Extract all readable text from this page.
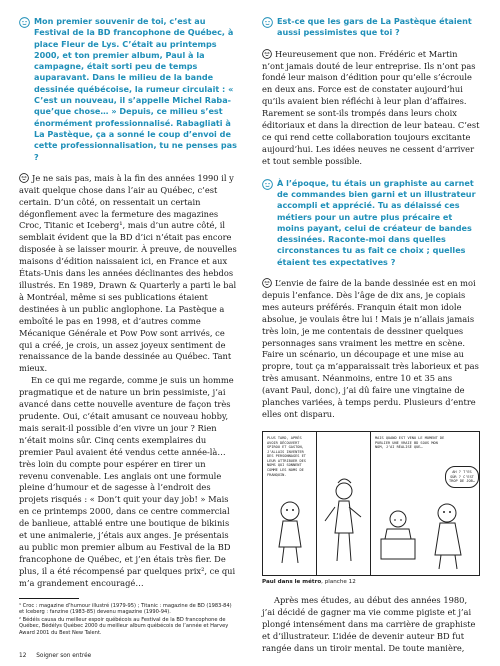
Mon premier souvenir de toi, c’est au Festival de la BD francophone de Québec, à place Fleur de Lys. C’était au printemps 2000, et ton premier album, Paul à la campagne, était sorti peu de temps auparavant. Dans le milieu de la bande dessinée québécoise, la rumeur circulait : « C’est un nouveau, il s’appelle Michel Raba-que’que chose… » Depuis, ce milieu s’est énormément professionnalisé. Rabagliati à La Pastèque, ça a sonné le coup d’envoi de cette professionnalisation, tu ne penses pas ?

Je ne sais pas, mais à la fin des années 1990 il y avait quelque chose dans l’air au Québec, c’est certain. D’un côté, on ressentait un certain dégonflement avec la fermeture des magazines Croc, Titanic et Iceberg¹, mais d’un autre côté, il semblait évident que la BD d’ici n’était pas encore disposée à se laisser mourir. À preuve, de nouvelles maisons d’édition naissaient ici, en France et aux États-Unis dans les années déclinantes des hebdos illustrés. En 1989, Drawn & Quarterly a parti le bal à Montréal, même si ses publications étaient destinées à un public anglophone. La Pastèque a emboîté le pas en 1998, et d’autres comme Mécanique Générale et Pow Pow sont arrivés, ce qui a créé, je crois, un assez joyeux sentiment de renaissance de la bande dessinée au Québec. Tant mieux.

En ce qui me regarde, comme je suis un homme pragmatique et de nature un brin pessimiste, j’ai avancé dans cette nouvelle aventure de façon très prudente. Oui, c’était amusant ce nouveau hobby, mais serait-il possible d’en vivre un jour ? Rien n’était moins sûr. Cinq cents exemplaires du premier Paul avaient été vendus cette année-là… très loin du compte pour espérer en tirer un revenu convenable. Les anglais ont une formule pleine d’humour et de sagesse à l’endroit des projets risqués : « Don’t quit your day job! » Mais en ce printemps 2000, dans ce centre commercial de banlieue, attablé entre une boutique de bikinis et une animalerie, j’étais aux anges. Je présentais au public mon premier album au Festival de la BD francophone de Québec, et j’en étais très fier. De plus, il a été récompensé par quelques prix², ce qui m’a grandement encouragé…

¹ Croc : magazine d’humour illustré (1979-95) ; Titanic : magazine de BD (1983-84) et Iceberg : fanzine (1983-85) devenu magazine (1990-94).

² Bédéis causa du meilleur espoir québécois au Festival de la BD francophone de Québec, Bédélys Québec 2000 du meilleur album québécois de l’année et Harvey Award 2001 du Best New Talent.

Est-ce que les gars de La Pastèque étaient aussi pessimistes que toi ?

Heureusement que non. Frédéric et Martin n’ont jamais douté de leur entreprise. Ils n’ont pas fondé leur maison d’édition pour qu’elle s’écroule en deux ans. Force est de constater aujourd’hui qu’ils avaient bien réfléchi à leur plan d’affaires. Rarement se sont-ils trompés dans leurs choix éditoriaux et dans la direction de leur bateau. C’est ce qui rend cette collaboration toujours excitante aujourd’hui. Les idées neuves ne cessent d’arriver et tout semble possible.

À l’époque, tu étais un graphiste au carnet de commandes bien garni et un illustrateur accompli et apprécié. Tu as délaissé ces métiers pour un autre plus précaire et moins payant, celui de créateur de bandes dessinées. Raconte-moi dans quelles circonstances tu as fait ce choix ; quelles étaient tes expectatives ?

L’envie de faire de la bande dessinée est en moi depuis l’enfance. Dès l’âge de dix ans, je copiais mes auteurs préférés. Franquin était mon idole absolue, je voulais être lui ! Mais je n’allais jamais très loin, je me contentais de dessiner quelques personnages sans vraiment les mettre en scène. Faire un scénario, un découpage et une mise au propre, tout ça m’apparaissait très laborieux et pas très amusant. Néanmoins, entre 10 et 35 ans (avant Paul, donc), j’ai dû faire une vingtaine de planches variées, à temps perdu. Plusieurs d’entre elles ont disparu.

PLUS TARD, APRÈS AVOIR DÉCOUVERT SPIROU ET GASTON, J’ALLAIS INVENTER DES PERSONNAGES ET LEUR ATTRIBUER DES NOMS QUI SONNENT COMME LES NOMS DE FRANQUIN.
MAIS QUAND EST VENU LE MOMENT DE PUBLIER UNE VRAIE BD SOUS MON NOM, J’AI RÉALISÉ QUE…
AH ? T’ES SÛR ? C’EST TROP DE JOB…
Paul dans le métro, planche 12

Après mes études, au début des années 1980, j’ai décidé de gagner ma vie comme pigiste et j’ai plongé intensément dans ma carrière de graphiste et d’illustrateur. L’idée de devenir auteur BD fut rangée dans un tiroir mental. De toute manière,

12 Soigner son entrée
